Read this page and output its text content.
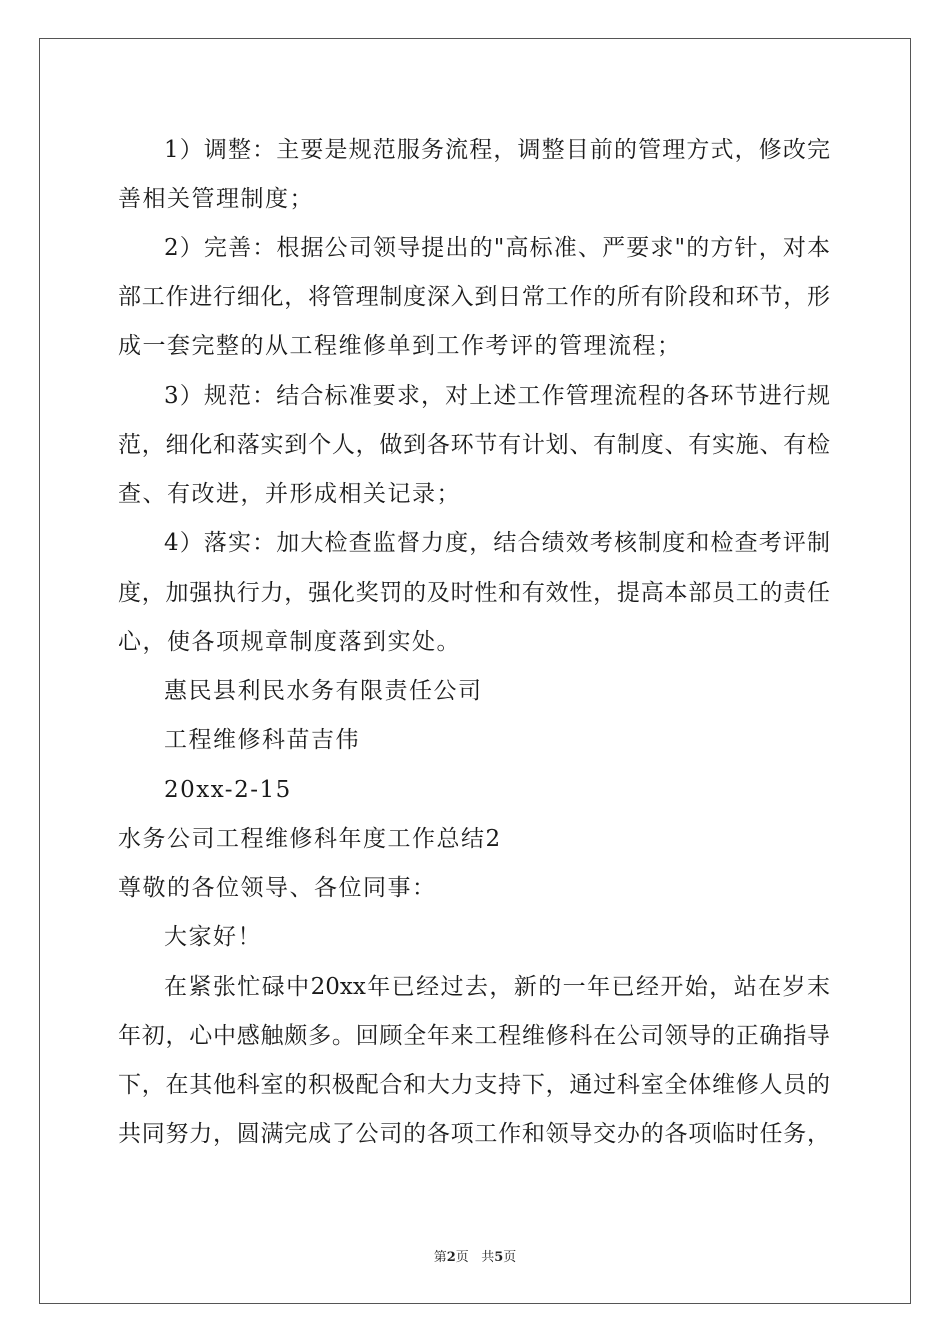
1）调整：主要是规范服务流程，调整目前的管理方式，修改完
善相关管理制度；
2）完善：根据公司领导提出的"高标准、严要求"的方针，对本
部工作进行细化，将管理制度深入到日常工作的所有阶段和环节，形
成一套完整的从工程维修单到工作考评的管理流程；
3）规范：结合标准要求，对上述工作管理流程的各环节进行规
范，细化和落实到个人，做到各环节有计划、有制度、有实施、有检
查、有改进，并形成相关记录；
4）落实：加大检查监督力度，结合绩效考核制度和检查考评制
度，加强执行力，强化奖罚的及时性和有效性，提高本部员工的责任
心，使各项规章制度落到实处。
惠民县利民水务有限责任公司
工程维修科苗吉伟
20xx-2-15
水务公司工程维修科年度工作总结2
尊敬的各位领导、各位同事：
大家好！
在紧张忙碌中20xx年已经过去，新的一年已经开始，站在岁末
年初，心中感触颇多。回顾全年来工程维修科在公司领导的正确指导
下，在其他科室的积极配合和大力支持下，通过科室全体维修人员的
共同努力，圆满完成了公司的各项工作和领导交办的各项临时任务，
第2页 共5页
